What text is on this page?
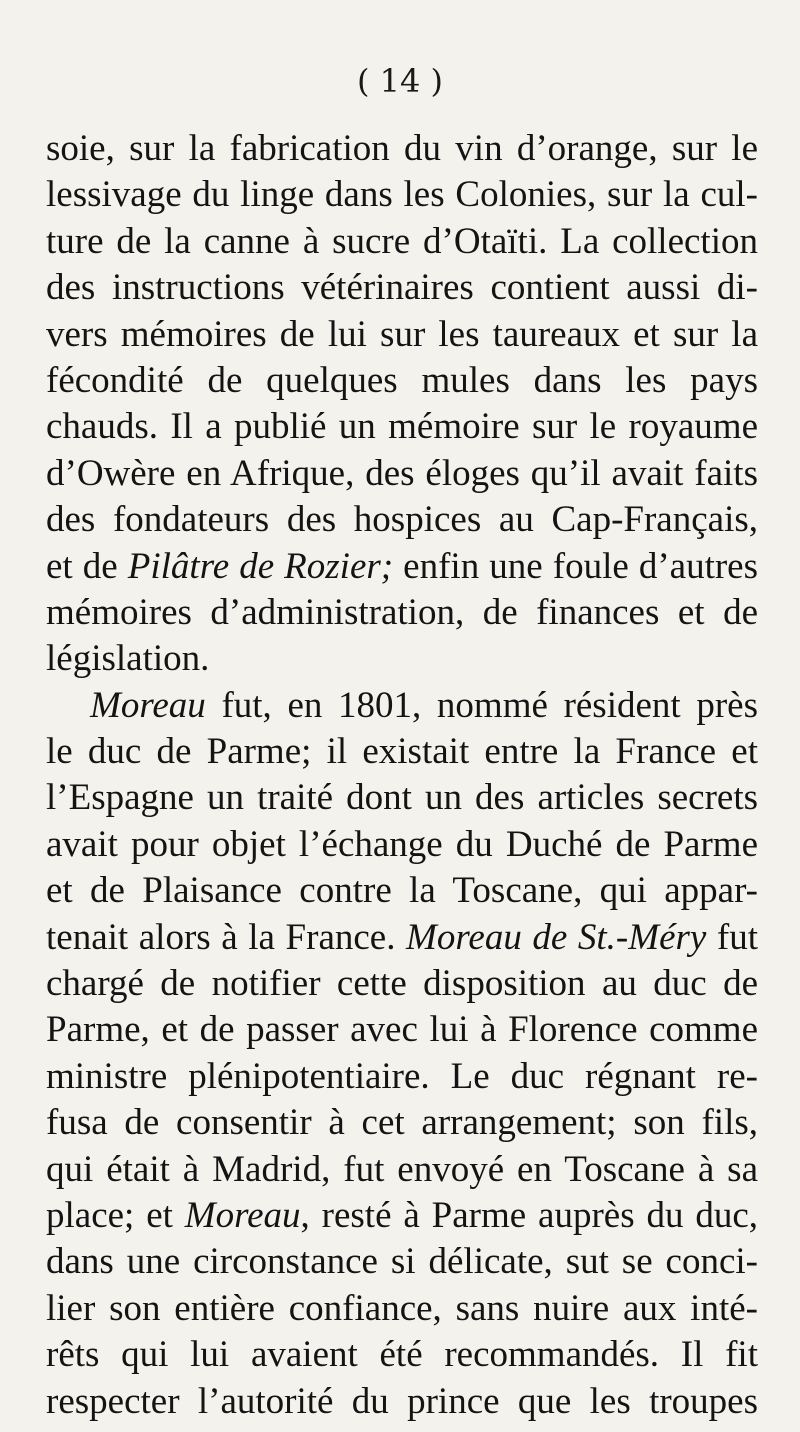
( 14 )
soie, sur la fabrication du vin d’orange, sur le
lessivage du linge dans les Colonies, sur la cul-
ture de la canne à sucre d’Otaïti. La collection
des instructions vétérinaires contient aussi di-
vers mémoires de lui sur les taureaux et sur la
fécondité de quelques mules dans les pays
chauds. Il a publié un mémoire sur le royaume
d’Owère en Afrique, des éloges qu’il avait faits
des fondateurs des hospices au Cap-Français,
et de Pilâtre de Rozier; enfin une foule d’autres
mémoires d’administration, de finances et de
législation.
Moreau fut, en 1801, nommé résident près
le duc de Parme; il existait entre la France et
l’Espagne un traité dont un des articles secrets
avait pour objet l’échange du Duché de Parme
et de Plaisance contre la Toscane, qui appar-
tenait alors à la France. Moreau de St.-Méry fut
chargé de notifier cette disposition au duc de
Parme, et de passer avec lui à Florence comme
ministre plénipotentiaire. Le duc régnant re-
fusa de consentir à cet arrangement; son fils,
qui était à Madrid, fut envoyé en Toscane à sa
place; et Moreau, resté à Parme auprès du duc,
dans une circonstance si délicate, sut se conci-
lier son entière confiance, sans nuire aux inté-
rêts qui lui avaient été recommandés. Il fit
respecter l’autorité du prince que les troupes
